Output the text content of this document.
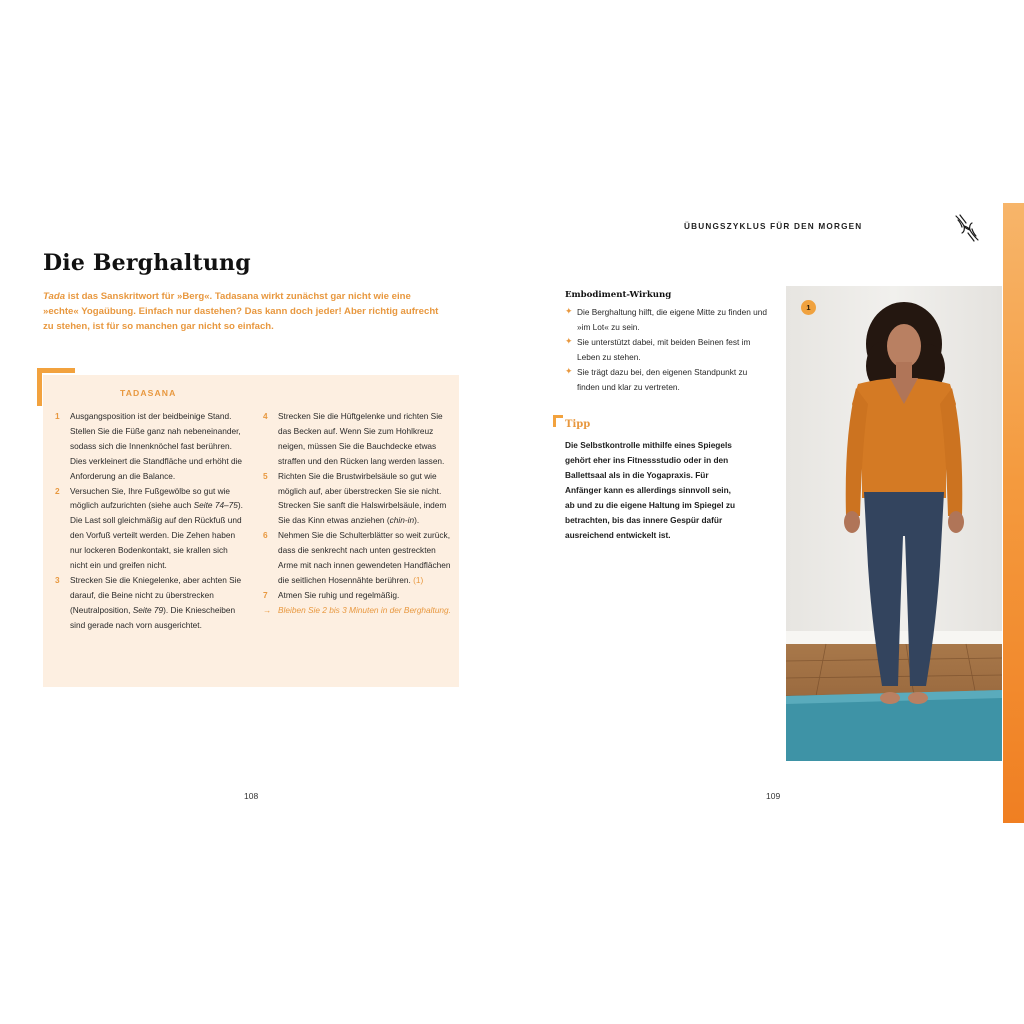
Die Berghaltung

Tada ist das Sanskritwort für »Berg«. Tadasana wirkt zunächst gar nicht wie eine »echte« Yogaübung. Einfach nur dastehen? Das kann doch jeder! Aber richtig aufrecht zu stehen, ist für so manchen gar nicht so einfach.

TADASANA
1 Ausgangsposition ist der beidbeinige Stand. Stellen Sie die Füße ganz nah nebeneinander, sodass sich die Innenknöchel fast berühren. Dies verkleinert die Standfläche und erhöht die Anforderung an die Balance.
2 Versuchen Sie, Ihre Fußgewölbe so gut wie möglich aufzurichten (siehe auch Seite 74–75). Die Last soll gleichmäßig auf den Rückfuß und den Vorfuß verteilt werden. Die Zehen haben nur lockeren Bodenkontakt, sie krallen sich nicht ein und greifen nicht.
3 Strecken Sie die Kniegelenke, aber achten Sie darauf, die Beine nicht zu überstrecken (Neutralposition, Seite 79). Die Kniescheiben sind gerade nach vorn ausgerichtet.
4 Strecken Sie die Hüftgelenke und richten Sie das Becken auf. Wenn Sie zum Hohlkreuz neigen, müssen Sie die Bauchdecke etwas straffen und den Rücken lang werden lassen.
5 Richten Sie die Brustwirbelsäule so gut wie möglich auf, aber überstrecken Sie sie nicht. Strecken Sie sanft die Halswirbelsäule, indem Sie das Kinn etwas anziehen (chin-in).
6 Nehmen Sie die Schulterblätter so weit zurück, dass die senkrecht nach unten gestreckten Arme mit nach innen gewendeten Handflächen die seitlichen Hosennähte berühren. (1)
7 Atmen Sie ruhig und regelmäßig.
→ Bleiben Sie 2 bis 3 Minuten in der Berghaltung.
108
ÜBUNGSZYKLUS FÜR DEN MORGEN
Embodiment-Wirkung
✦ Die Berghaltung hilft, die eigene Mitte zu finden und »im Lot« zu sein.
✦ Sie unterstützt dabei, mit beiden Beinen fest im Leben zu stehen.
✦ Sie trägt dazu bei, den eigenen Standpunkt zu finden und klar zu vertreten.
Tipp

Die Selbstkontrolle mithilfe eines Spiegels gehört eher ins Fitnessstudio oder in den Ballettsaal als in die Yogapraxis. Für Anfänger kann es allerdings sinnvoll sein, ab und zu die eigene Haltung im Spiegel zu betrachten, bis das innere Gespür dafür ausreichend entwickelt ist.

1
109
